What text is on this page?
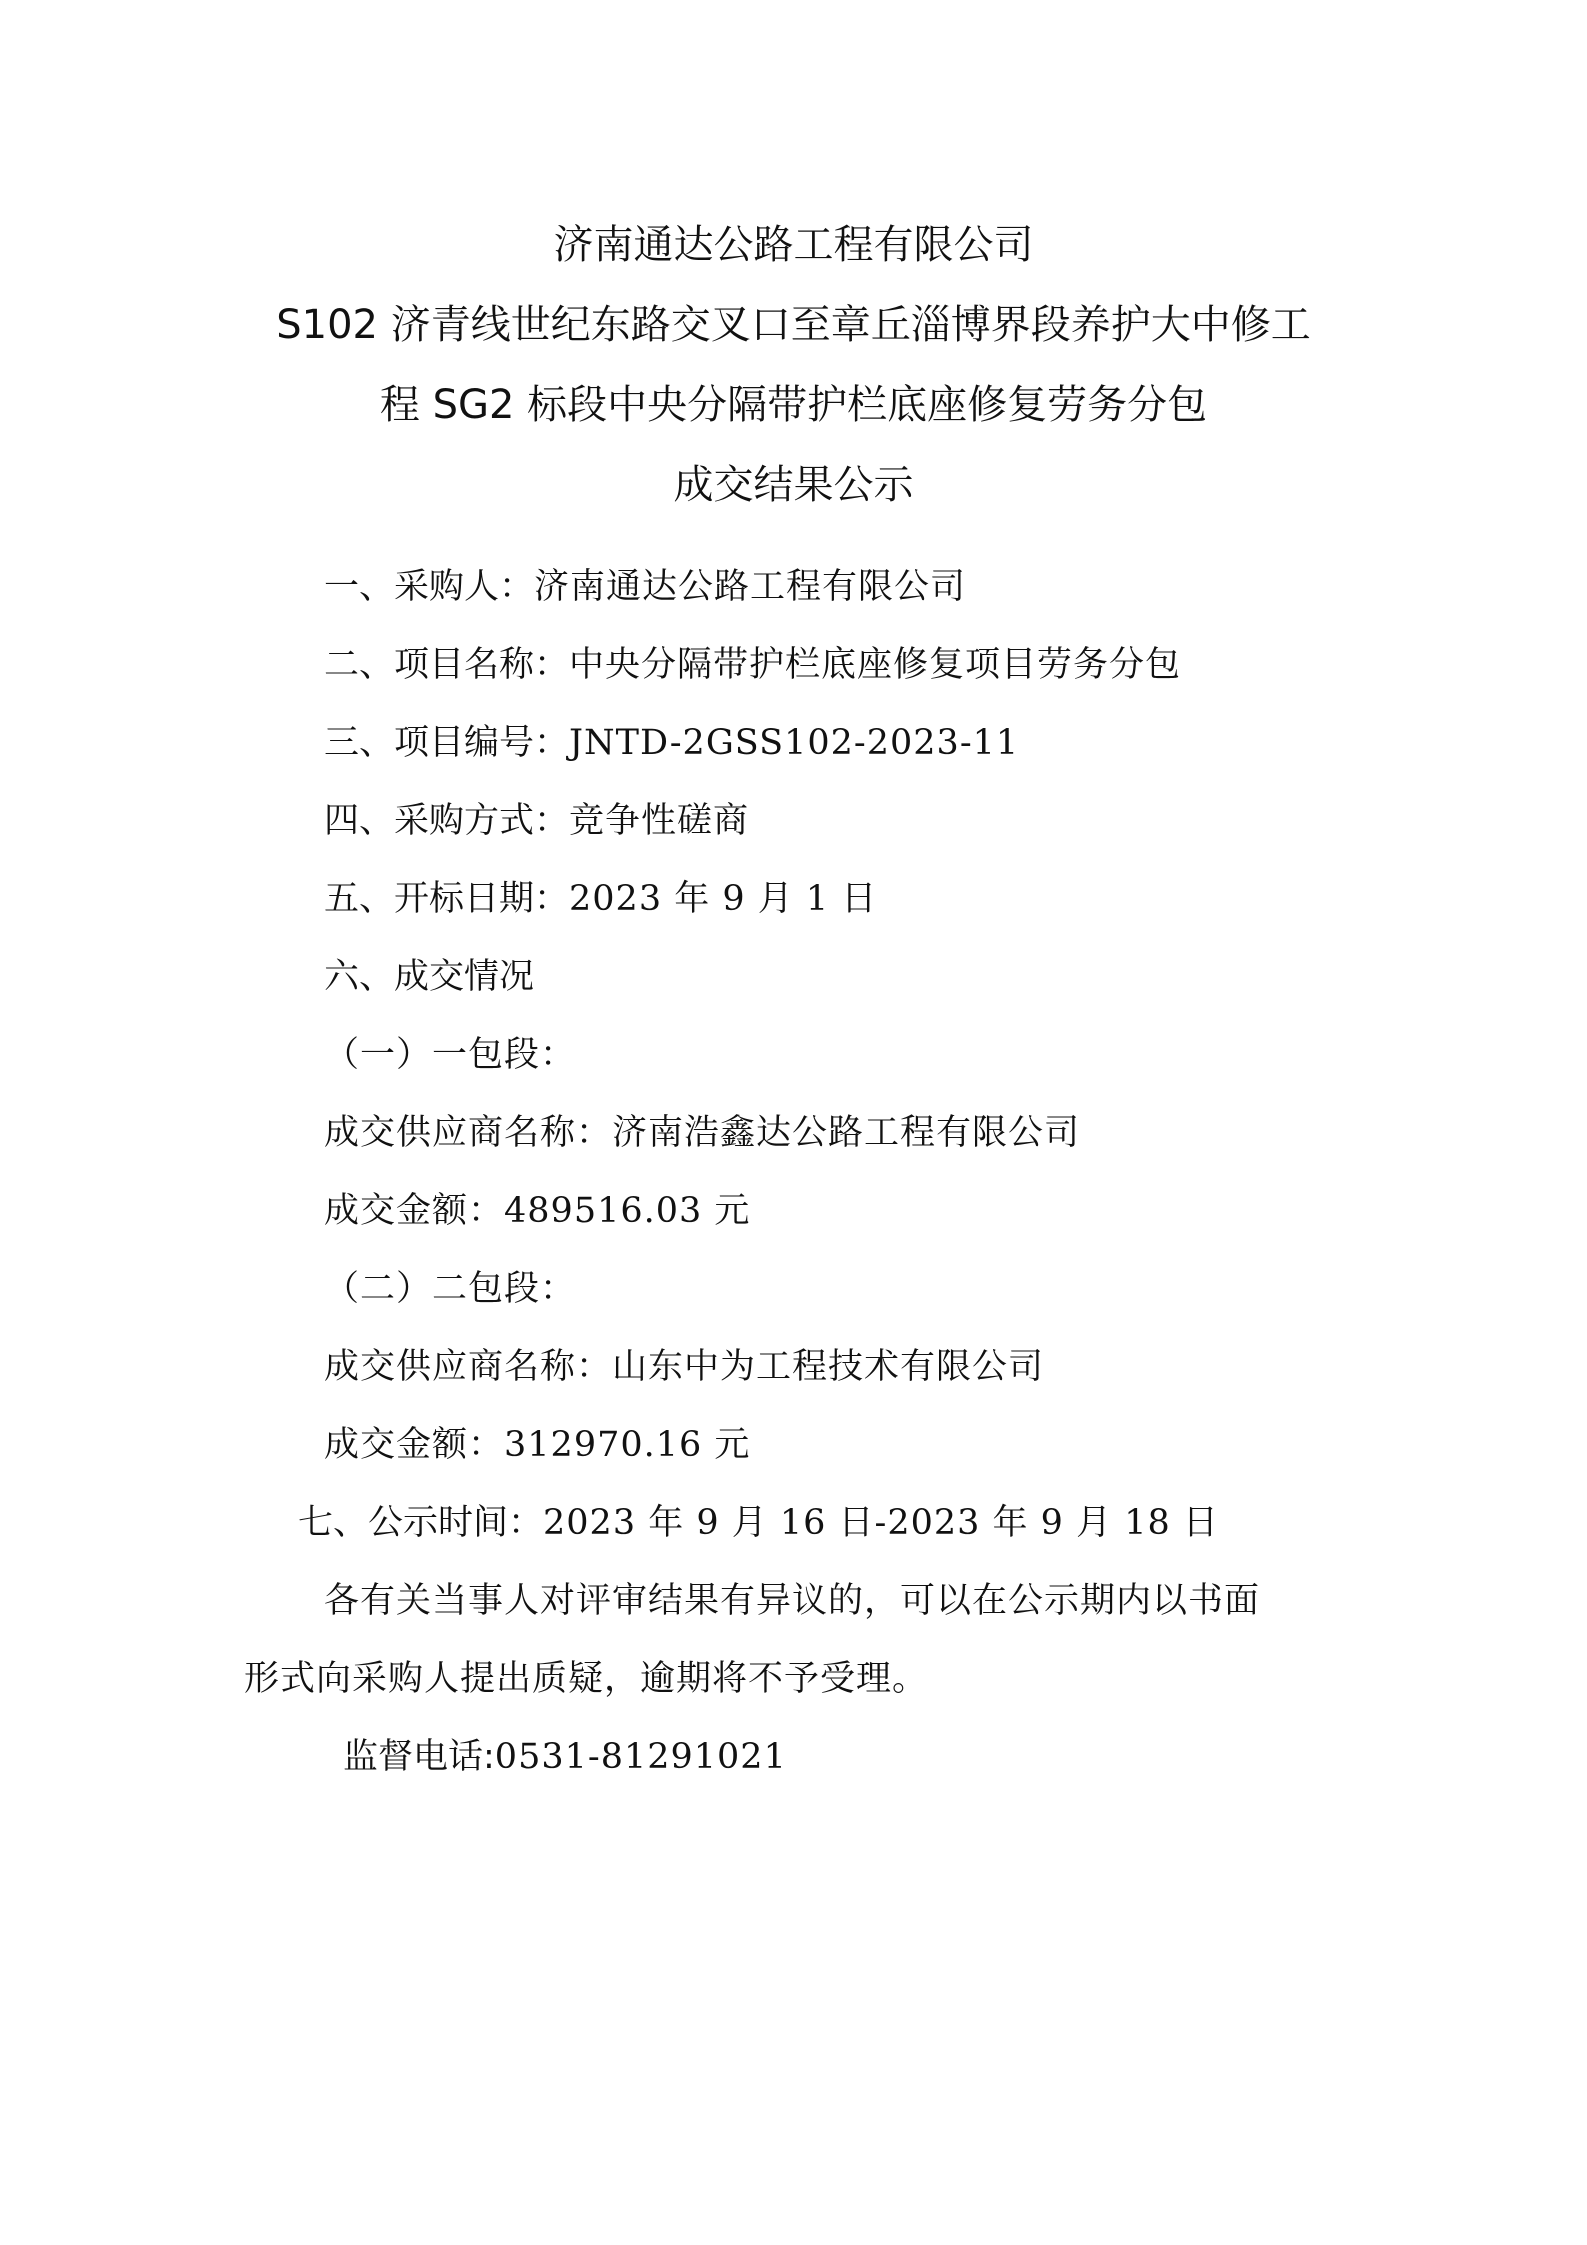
济南通达公路工程有限公司
S102 济青线世纪东路交叉口至章丘淄博界段养护大中修工
程 SG2 标段中央分隔带护栏底座修复劳务分包
成交结果公示
一、采购人：济南通达公路工程有限公司
二、项目名称：中央分隔带护栏底座修复项目劳务分包
三、项目编号：JNTD-2GSS102-2023-11
四、采购方式：竞争性磋商
五、开标日期：2023 年 9 月 1 日
六、成交情况
（一）一包段：
成交供应商名称：济南浩鑫达公路工程有限公司
成交金额：489516.03 元
（二）二包段：
成交供应商名称：山东中为工程技术有限公司
成交金额：312970.16 元
七、公示时间：2023 年 9 月 16 日-2023 年 9 月 18 日
各有关当事人对评审结果有异议的，可以在公示期内以书面
形式向采购人提出质疑，逾期将不予受理。
监督电话:0531-81291021
